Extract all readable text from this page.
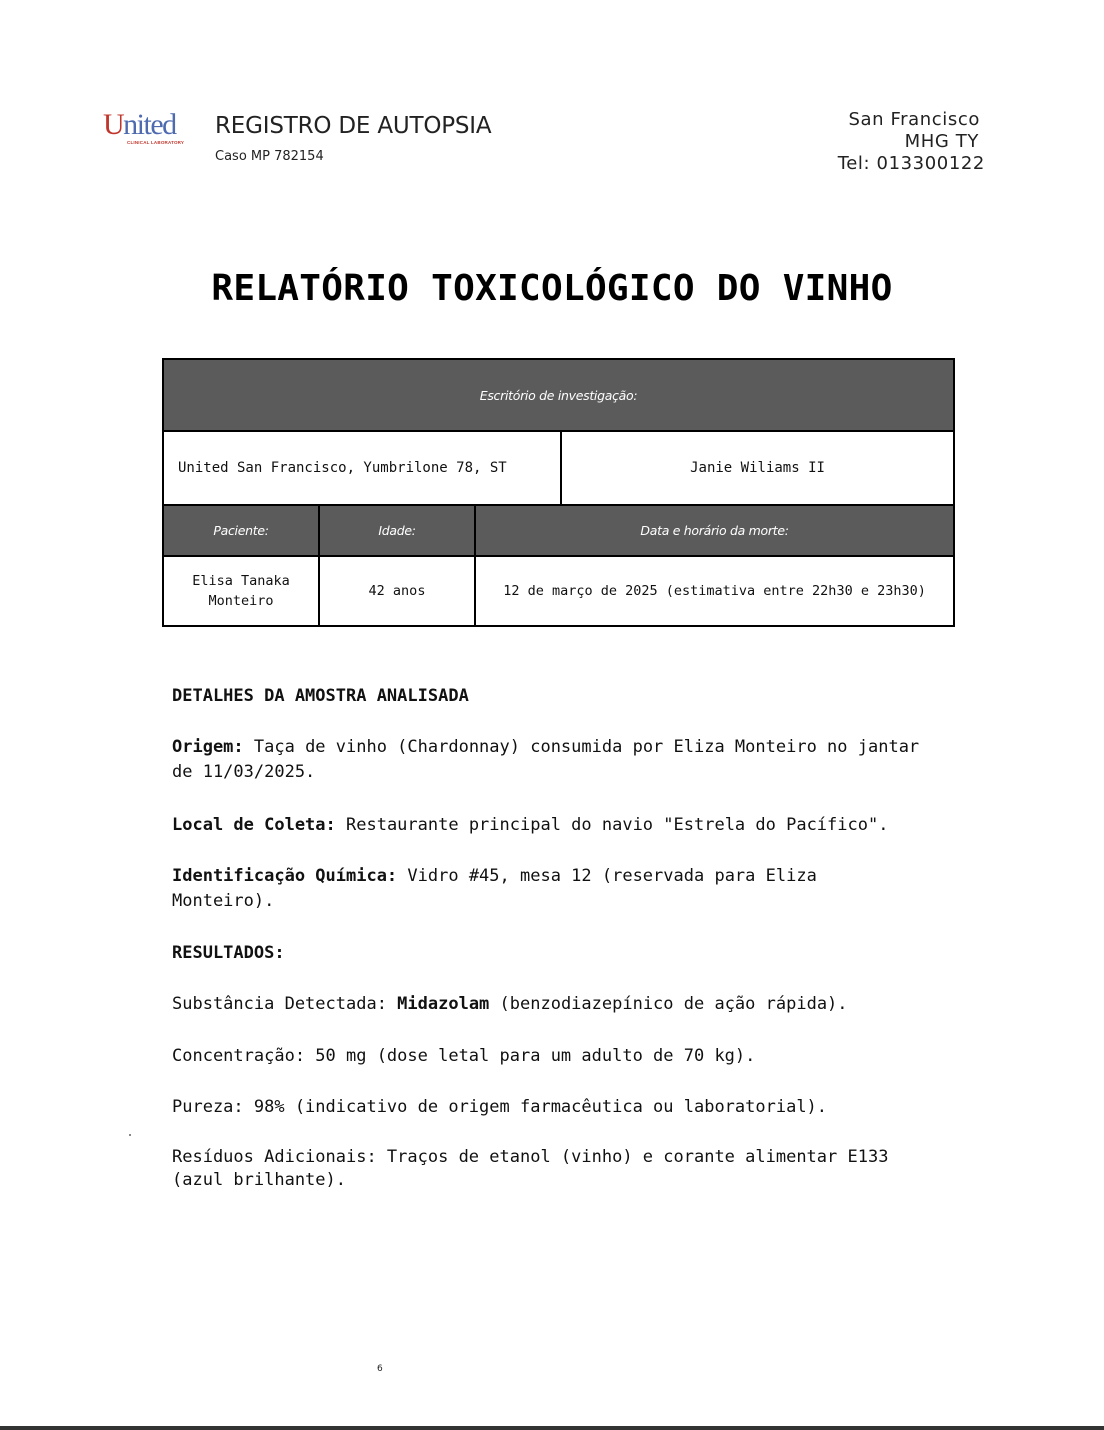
United
CLINICAL LABORATORY
REGISTRO DE AUTOPSIA
Caso MP 782154
San Francisco
MHG TY
Tel: 013300122
RELATÓRIO TOXICOLÓGICO DO VINHO
Escritório de investigação:			
United San Francisco, Yumbrilone 78, ST			Janie Wiliams II
Paciente:	Idade:	Data e horário da morte:	
Elisa Tanaka Monteiro	42 anos	12 de março de 2025 (estimativa entre 22h30 e 23h30)	

DETALHES DA AMOSTRA ANALISADA

Origem: Taça de vinho (Chardonnay) consumida por Eliza Monteiro no jantar de 11/03/2025.

Local de Coleta: Restaurante principal do navio "Estrela do Pacífico".

Identificação Química: Vidro #45, mesa 12 (reservada para Eliza Monteiro).

RESULTADOS:

Substância Detectada: Midazolam (benzodiazepínico de ação rápida).

Concentração: 50 mg (dose letal para um adulto de 70 kg).

Pureza: 98% (indicativo de origem farmacêutica ou laboratorial).

Resíduos Adicionais: Traços de etanol (vinho) e corante alimentar E133 (azul brilhante).

6
